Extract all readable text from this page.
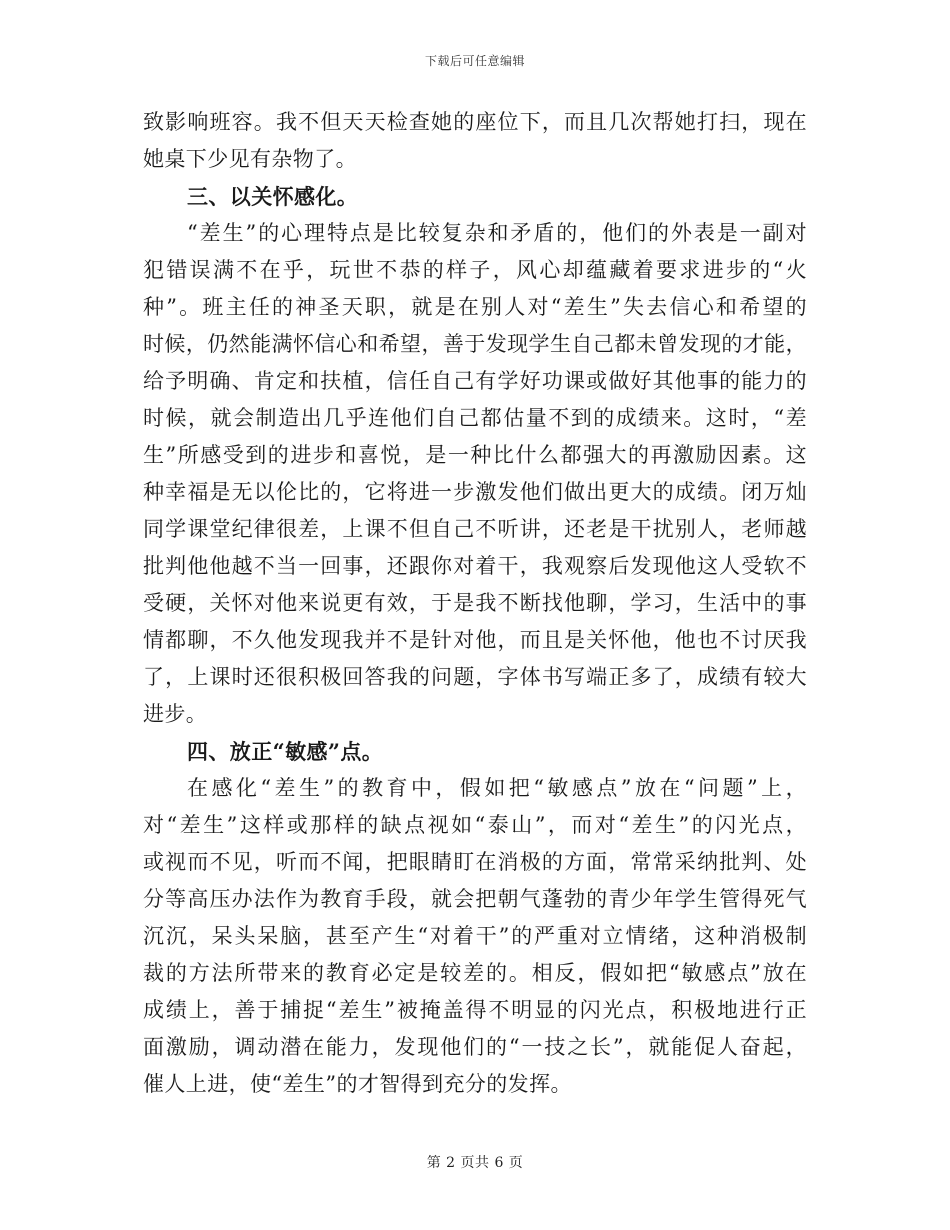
下载后可任意编辑
致影响班容。我不但天天检查她的座位下，而且几次帮她打扫，现在
她桌下少见有杂物了。
三、以关怀感化。
“差生”的心理特点是比较复杂和矛盾的，他们的外表是一副对
犯错误满不在乎，玩世不恭的样子，风心却蕴藏着要求进步的“火
种”。班主任的神圣天职，就是在别人对“差生”失去信心和希望的
时候，仍然能满怀信心和希望，善于发现学生自己都未曾发现的才能，
给予明确、肯定和扶植，信任自己有学好功课或做好其他事的能力的
时候，就会制造出几乎连他们自己都估量不到的成绩来。这时，“差
生”所感受到的进步和喜悦，是一种比什么都强大的再激励因素。这
种幸福是无以伦比的，它将进一步激发他们做出更大的成绩。闭万灿
同学课堂纪律很差，上课不但自己不听讲，还老是干扰别人，老师越
批判他他越不当一回事，还跟你对着干，我观察后发现他这人受软不
受硬，关怀对他来说更有效，于是我不断找他聊，学习，生活中的事
情都聊，不久他发现我并不是针对他，而且是关怀他，他也不讨厌我
了，上课时还很积极回答我的问题，字体书写端正多了，成绩有较大
进步。
四、放正“敏感”点。
在感化“差生”的教育中，假如把“敏感点”放在“问题”上，
对“差生”这样或那样的缺点视如“泰山”，而对“差生”的闪光点，
或视而不见，听而不闻，把眼睛盯在消极的方面，常常采纳批判、处
分等高压办法作为教育手段，就会把朝气蓬勃的青少年学生管得死气
沉沉，呆头呆脑，甚至产生“对着干”的严重对立情绪，这种消极制
裁的方法所带来的教育必定是较差的。相反，假如把“敏感点”放在
成绩上，善于捕捉“差生”被掩盖得不明显的闪光点，积极地进行正
面激励，调动潜在能力，发现他们的“一技之长”，就能促人奋起，
催人上进，使“差生”的才智得到充分的发挥。
第 2 页共 6 页
